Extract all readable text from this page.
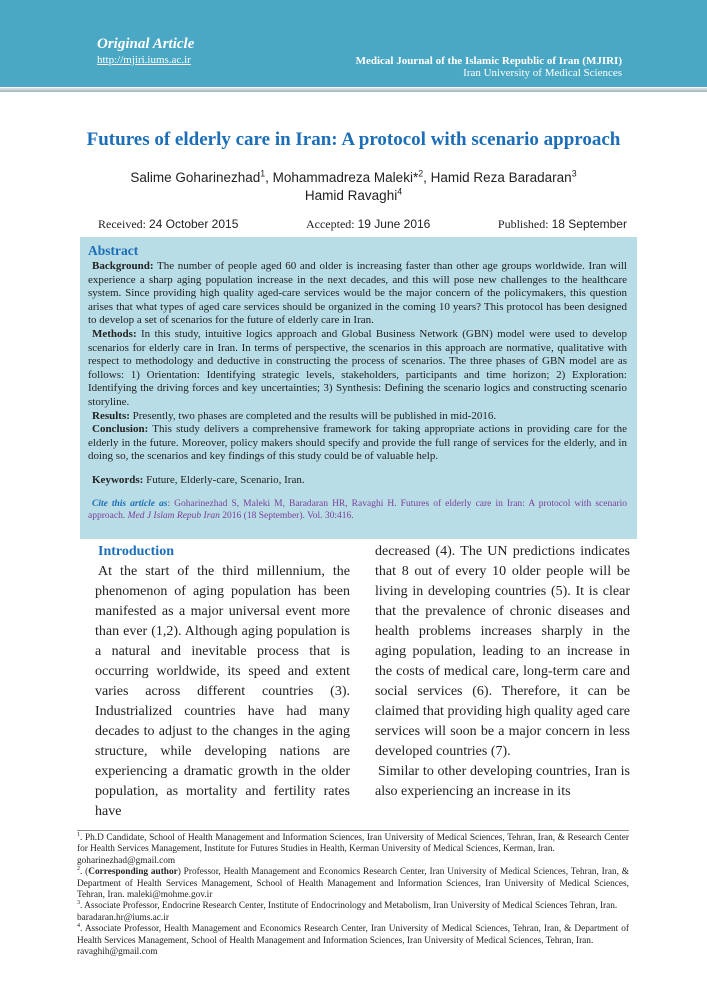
Original Article
http://mjiri.iums.ac.ir	Medical Journal of the Islamic Republic of Iran (MJIRI)
Iran University of Medical Sciences
Futures of elderly care in Iran: A protocol with scenario approach
Salime Goharinezhad$^1$, Mohammadreza Maleki*$^2$, Hamid Reza Baradaran$^3$
Hamid Ravaghi$^4$
Received: 24 October 2015	Accepted: 19 June 2016	Published: 18 September
Abstract

Background: The number of people aged 60 and older is increasing faster than other age groups worldwide. Iran will experience a sharp aging population increase in the next decades, and this will pose new challenges to the healthcare system. Since providing high quality aged-care services would be the major concern of the policymakers, this question arises that what types of aged care services should be organized in the coming 10 years? This protocol has been designed to develop a set of scenarios for the future of elderly care in Iran.

Methods: In this study, intuitive logics approach and Global Business Network (GBN) model were used to develop scenarios for elderly care in Iran. In terms of perspective, the scenarios in this approach are normative, qualitative with respect to methodology and deductive in constructing the process of scenarios. The three phases of GBN model are as follows: 1) Orientation: Identifying strategic levels, stakeholders, participants and time horizon; 2) Exploration: Identifying the driving forces and key uncertainties; 3) Synthesis: Defining the scenario logics and constructing scenario storyline.

Results: Presently, two phases are completed and the results will be published in mid-2016.

Conclusion: This study delivers a comprehensive framework for taking appropriate actions in providing care for the elderly in the future. Moreover, policy makers should specify and provide the full range of services for the elderly, and in doing so, the scenarios and key findings of this study could be of valuable help.

Keywords: Future, Elderly-care, Scenario, Iran.

Cite this article as: Goharinezhad S, Maleki M, Baradaran HR, Ravaghi H. Futures of elderly care in Iran: A protocol with scenario approach. Med J Islam Repub Iran 2016 (18 September). Vol. 30:416.

Introduction

At the start of the third millennium, the phenomenon of aging population has been manifested as a major universal event more than ever (1,2). Although aging population is a natural and inevitable process that is occurring worldwide, its speed and extent varies across different countries (3). Industrialized countries have had many decades to adjust to the changes in the aging structure, while developing nations are experiencing a dramatic growth in the older population, as mortality and fertility rates have

decreased (4). The UN predictions indicates that 8 out of every 10 older people will be living in developing countries (5). It is clear that the prevalence of chronic diseases and health problems increases sharply in the aging population, leading to an increase in the costs of medical care, long-term care and social services (6). Therefore, it can be claimed that providing high quality aged care services will soon be a major concern in less developed countries (7).

Similar to other developing countries, Iran is also experiencing an increase in its

$^1$. Ph.D Candidate, School of Health Management and Information Sciences, Iran University of Medical Sciences, Tehran, Iran, & Research Center for Health Services Management, Institute for Futures Studies in Health, Kerman University of Medical Sciences, Kerman, Iran.
goharinezhad@gmail.com
$^2$. (Corresponding author) Professor, Health Management and Economics Research Center, Iran University of Medical Sciences, Tehran, Iran, & Department of Health Services Management, School of Health Management and Information Sciences, Iran University of Medical Sciences, Tehran, Iran. maleki@mohme.gov.ir
$^3$. Associate Professor, Endocrine Research Center, Institute of Endocrinology and Metabolism, Iran University of Medical Sciences Tehran, Iran.
baradaran.hr@iums.ac.ir
$^4$. Associate Professor, Health Management and Economics Research Center, Iran University of Medical Sciences, Tehran, Iran, & Department of Health Services Management, School of Health Management and Information Sciences, Iran University of Medical Sciences, Tehran, Iran.
ravaghih@gmail.com
